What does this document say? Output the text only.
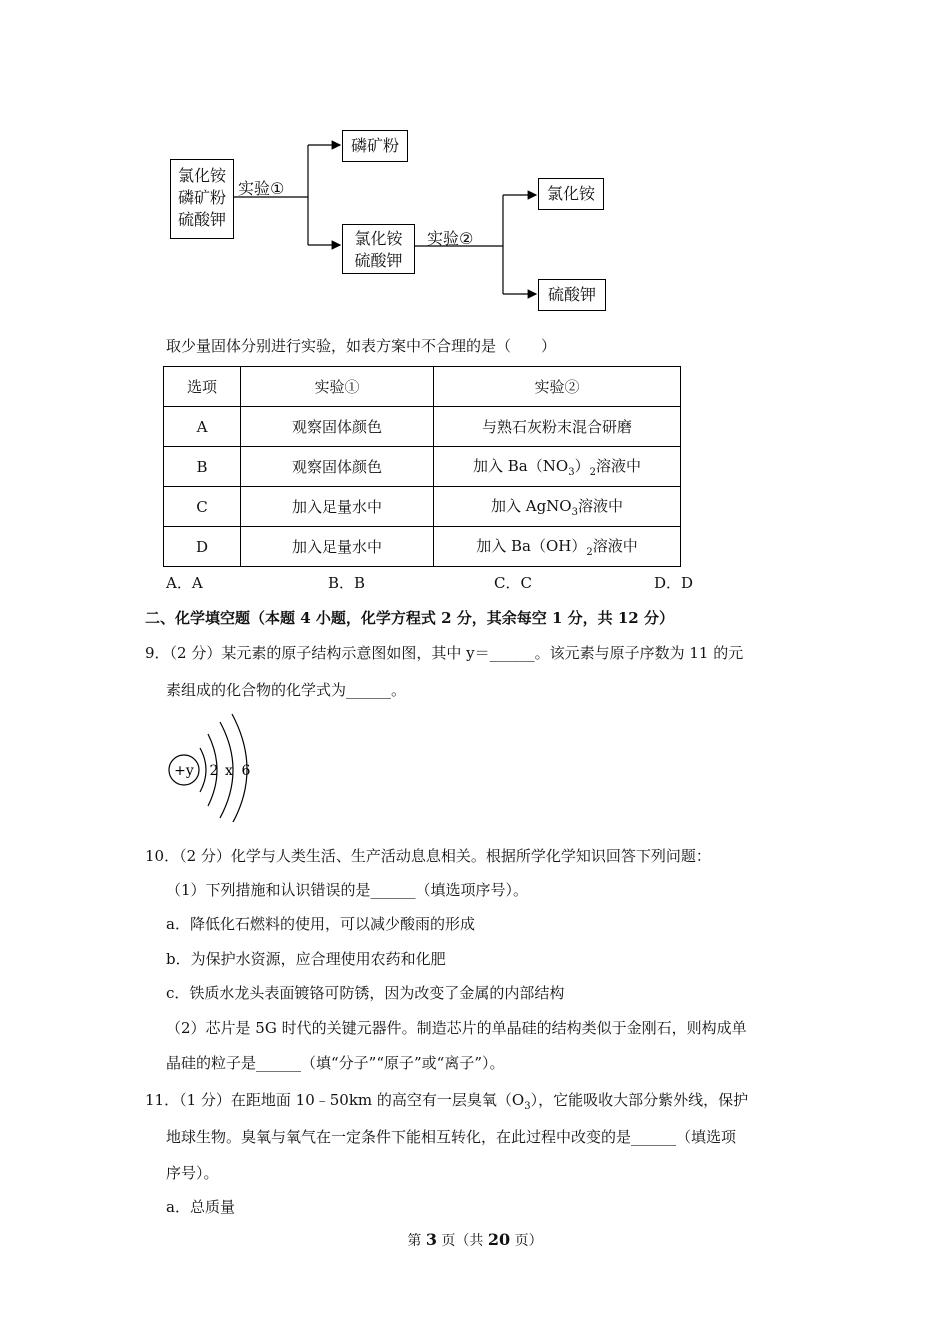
氯化铵
磷矿粉
硫酸钾
实验①
磷矿粉
氯化铵
硫酸钾
实验②
氯化铵
硫酸钾
取少量固体分别进行实验，如表方案中不合理的是（　　）
选项	实验①	实验②
A	观察固体颜色	与熟石灰粉末混合研磨
B	观察固体颜色	加入 $Ba(NO_3)_2$溶液中
C	加入足量水中	加入 AgNO$_3$溶液中
D	加入足量水中	加入 $Ba(OH)_2$溶液中
A．A	B．B	C．C	D．D
二、化学填空题（本题 4 小题，化学方程式 2 分，其余每空 1 分，共 12 分）
9．（2 分）某元素的原子结构示意图如图，其中 y＝______。该元素与原子序数为 11 的元
素组成的化合物的化学式为______。
+y 2 x 6
10．（2 分）化学与人类生活、生产活动息息相关。根据所学化学知识回答下列问题：
（1）下列措施和认识错误的是______（填选项序号）。
a．降低化石燃料的使用，可以减少酸雨的形成
b．为保护水资源，应合理使用农药和化肥
c．铁质水龙头表面镀铬可防锈，因为改变了金属的内部结构
（2）芯片是 5G 时代的关键元器件。制造芯片的单晶硅的结构类似于金刚石，则构成单
晶硅的粒子是______（填“分子”“原子”或“离子”）。
11．（1 分）在距地面 10﹣50km 的高空有一层臭氧$(O_3)$，它能吸收大部分紫外线，保护
地球生物。臭氧与氧气在一定条件下能相互转化，在此过程中改变的是______（填选项
序号）。
a．总质量
第 3 页（共 20 页）
